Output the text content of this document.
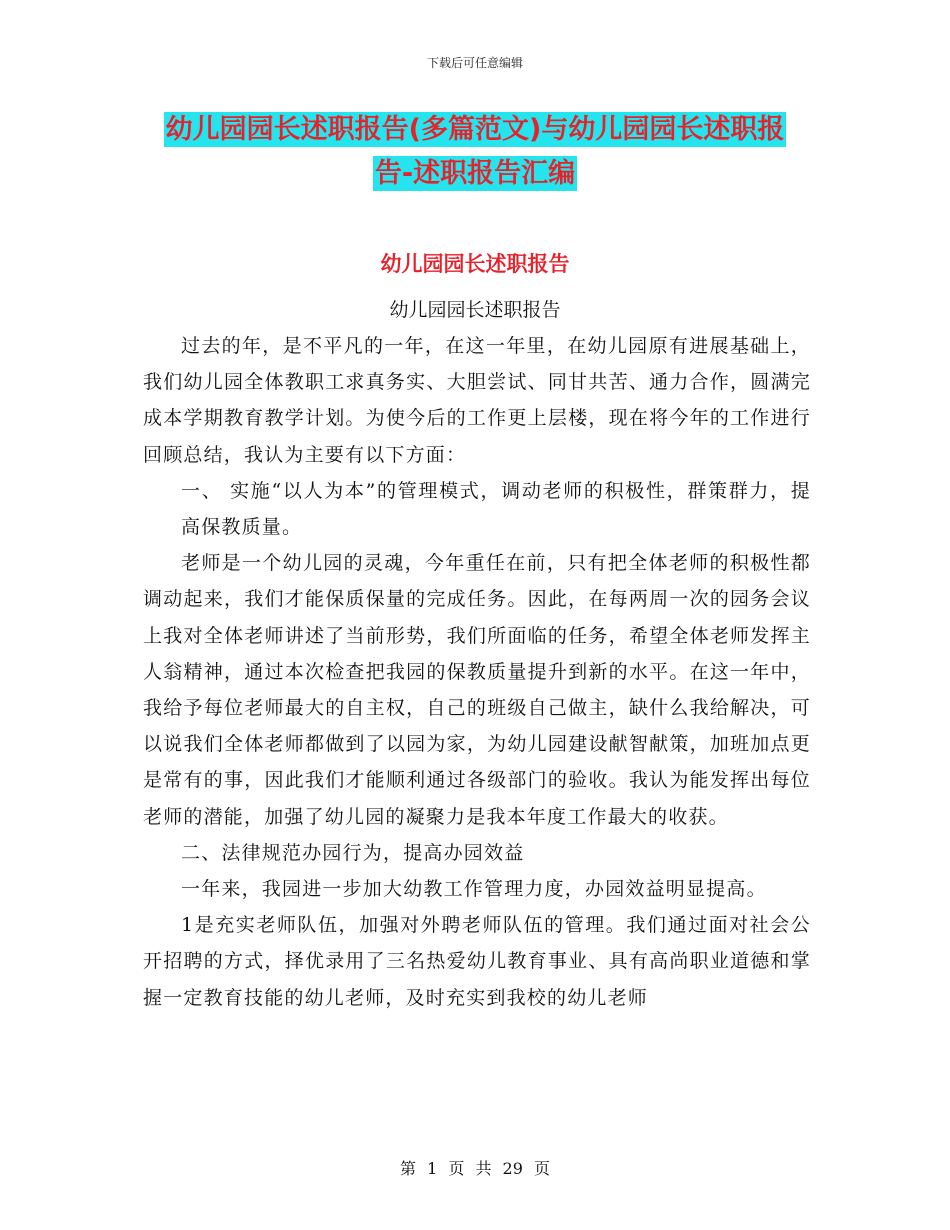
下载后可任意编辑
幼儿园园长述职报告(多篇范文)与幼儿园园长述职报
告-述职报告汇编
幼儿园园长述职报告
幼儿园园长述职报告

过去的年，是不平凡的一年，在这一年里，在幼儿园原有进展基础上，我们幼儿园全体教职工求真务实、大胆尝试、同甘共苦、通力合作，圆满完成本学期教育教学计划。为使今后的工作更上层楼，现在将今年的工作进行回顾总结，我认为主要有以下方面：

一、 实施“以人为本”的管理模式，调动老师的积极性，群策群力，提高保教质量。

老师是一个幼儿园的灵魂，今年重任在前，只有把全体老师的积极性都调动起来，我们才能保质保量的完成任务。因此，在每两周一次的园务会议上我对全体老师讲述了当前形势，我们所面临的任务，希望全体老师发挥主人翁精神，通过本次检查把我园的保教质量提升到新的水平。在这一年中， 我给予每位老师最大的自主权，自己的班级自己做主，缺什么我给解决，可以说我们全体老师都做到了以园为家，为幼儿园建设献智献策，加班加点更是常有的事，因此我们才能顺利通过各级部门的验收。我认为能发挥出每位老师的潜能，加强了幼儿园的凝聚力是我本年度工作最大的收获。

二、法律规范办园行为，提高办园效益

一年来，我园进一步加大幼教工作管理力度，办园效益明显提高。

1是充实老师队伍，加强对外聘老师队伍的管理。我们通过面对社会公开招聘的方式，择优录用了三名热爱幼儿教育事业、具有高尚职业道德和掌握一定教育技能的幼儿老师，及时充实到我校的幼儿老师

第 1 页 共 29 页
